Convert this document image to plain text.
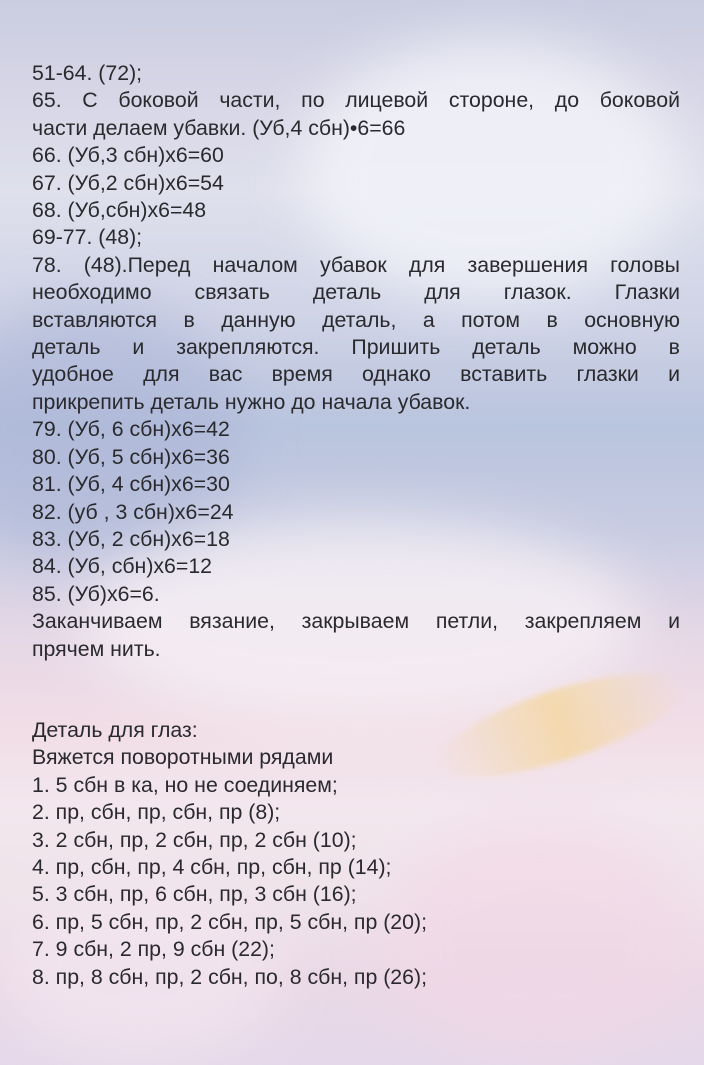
51-64. (72);
65. С боковой части, по лицевой стороне, до боковой
части делаем убавки. (Уб,4 сбн)•6=66
66. (Уб,3 сбн)х6=60
67. (Уб,2 сбн)х6=54
68. (Уб,сбн)х6=48
69-77. (48);
78. (48).Перед началом убавок для завершения головы
необходимо связать деталь для глазок. Глазки
вставляются в данную деталь, а потом в основную
деталь и закрепляются. Пришить деталь можно в
удобное для вас время однако вставить глазки и
прикрепить деталь нужно до начала убавок.
79. (Уб, 6 сбн)х6=42
80. (Уб, 5 сбн)х6=36
81. (Уб, 4 сбн)х6=30
82. (уб , 3 сбн)х6=24
83. (Уб, 2 сбн)х6=18
84. (Уб, сбн)х6=12
85. (Уб)х6=6.
Заканчиваем вязание, закрываем петли, закрепляем и
прячем нить.
Деталь для глаз:
Вяжется поворотными рядами
1. 5 сбн в ка, но не соединяем;
2. пр, сбн, пр, сбн, пр (8);
3. 2 сбн, пр, 2 сбн, пр, 2 сбн (10);
4. пр, сбн, пр, 4 сбн, пр, сбн, пр (14);
5. 3 сбн, пр, 6 сбн, пр, 3 сбн (16);
6. пр, 5 сбн, пр, 2 сбн, пр, 5 сбн, пр (20);
7. 9 сбн, 2 пр, 9 сбн (22);
8. пр, 8 сбн, пр, 2 сбн, по, 8 сбн, пр (26);
